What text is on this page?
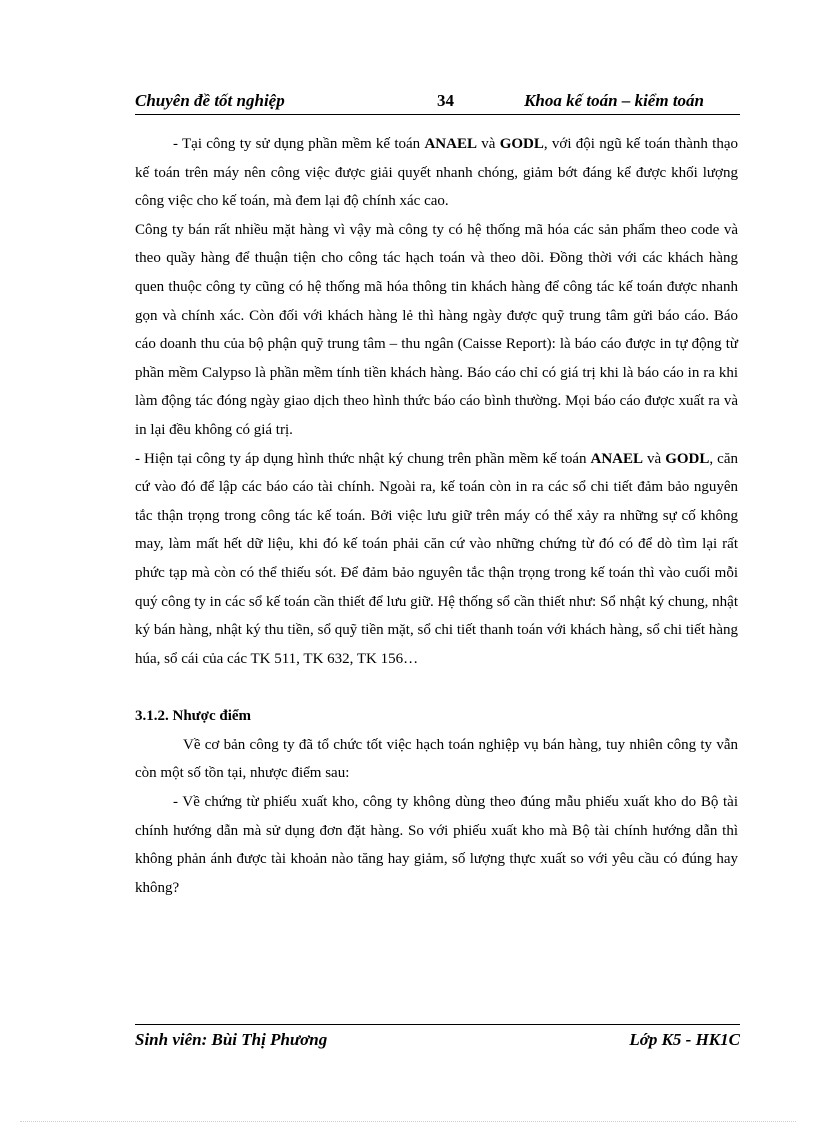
Chuyên đề tốt nghiệp	34	Khoa kế toán – kiểm toán

- Tại công ty sử dụng phần mềm kế toán ANAEL và GODL, với đội ngũ kế toán thành thạo kế toán trên máy nên công việc được giải quyết nhanh chóng, giảm bớt đáng kể được khối lượng công việc cho kế toán, mà đem lại độ chính xác cao.

Công ty bán rất nhiều mặt hàng vì vậy mà công ty có hệ thống mã hóa các sản phẩm theo code và theo quầy hàng để thuận tiện cho công tác hạch toán và theo dõi. Đồng thời với các khách hàng quen thuộc công ty cũng có hệ thống mã hóa thông tin khách hàng để công tác kế toán được nhanh gọn và chính xác. Còn đối với khách hàng lẻ thì hàng ngày được quỹ trung tâm gửi báo cáo. Báo cáo doanh thu của bộ phận quỹ trung tâm – thu ngân (Caisse Report): là báo cáo được in tự động từ phần mềm Calypso là phần mềm tính tiền khách hàng. Báo cáo chỉ có giá trị khi là báo cáo in ra khi làm động tác đóng ngày giao dịch theo hình thức báo cáo bình thường. Mọi báo cáo được xuất ra và in lại đều không có giá trị.

- Hiện tại công ty áp dụng hình thức nhật ký chung trên phần mềm kế toán ANAEL và GODL, căn cứ vào đó để lập các báo cáo tài chính. Ngoài ra, kế toán còn in ra các sổ chi tiết đảm bảo nguyên tắc thận trọng trong công tác kế toán. Bởi việc lưu giữ trên máy có thể xảy ra những sự cố không may, làm mất hết dữ liệu, khi đó kế toán phải căn cứ vào những chứng từ đó có để dò tìm lại rất phức tạp mà còn có thể thiếu sót. Để đảm bảo nguyên tắc thận trọng trong kế toán thì vào cuối mỗi quý công ty in các sổ kế toán cần thiết để lưu giữ. Hệ thống sổ cần thiết như: Sổ nhật ký chung, nhật ký bán hàng, nhật ký thu tiền, sổ quỹ tiền mặt, sổ chi tiết thanh toán với khách hàng, sổ chi tiết hàng húa, sổ cái của các TK 511, TK 632, TK 156…

3.1.2. Nhược điểm

Về cơ bản công ty đã tổ chức tốt việc hạch toán nghiệp vụ bán hàng, tuy nhiên công ty vẫn còn một số tồn tại, nhược điểm sau:

- Về chứng từ phiếu xuất kho, công ty không dùng theo đúng mẫu phiếu xuất kho do Bộ tài chính hướng dẫn mà sử dụng đơn đặt hàng. So với phiếu xuất kho mà Bộ tài chính hướng dẫn thì không phản ánh được tài khoản nào tăng hay giảm, số lượng thực xuất so với yêu cầu có đúng hay không?

Sinh viên: Bùi Thị Phương	Lớp K5 - HK1C
